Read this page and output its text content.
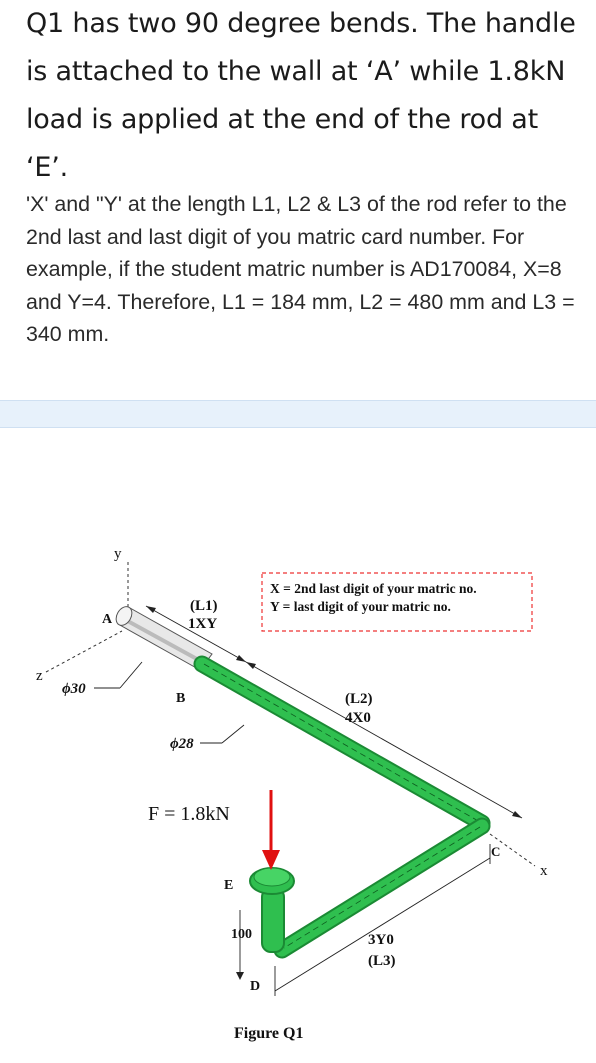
Q1 has two 90 degree bends. The handle is attached to the wall at ‘A’ while 1.8kN load is applied at the end of the rod at ‘E’.

'X' and "Y' at the length L1, L2 & L3 of the rod refer to the 2nd last and last digit of you matric card number. For example, if the student matric number is AD170084, X=8 and Y=4. Therefore, L1 = 184 mm, L2 = 480 mm and L3 = 340 mm.

X = 2nd last digit of your matric no.
Y = last digit of your matric no.
y
z
x
A
B
C
D
E
(L1)
1XY
(L2)
4X0
3Y0
(L3)
100
ϕ30
ϕ28
F = 1.8kN
Figure Q1
